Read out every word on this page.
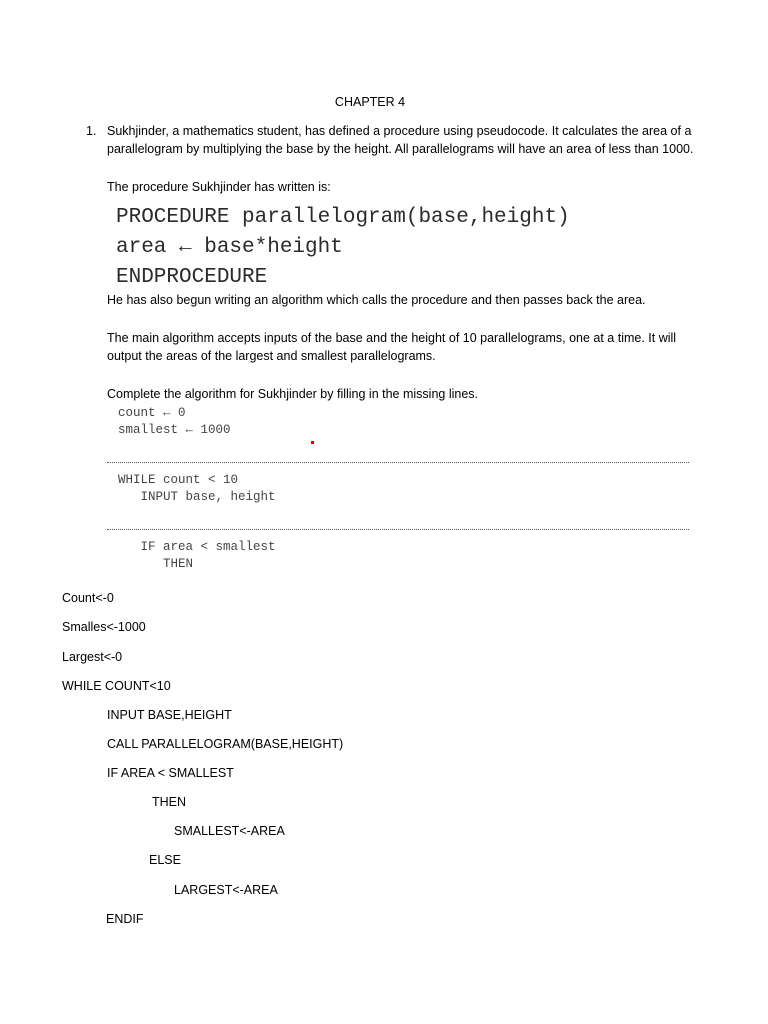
CHAPTER 4
1. Sukhjinder, a mathematics student, has defined a procedure using pseudocode. It calculates the area of a parallelogram by multiplying the base by the height. All parallelograms will have an area of less than 1000.
The procedure Sukhjinder has written is:
PROCEDURE parallelogram(base,height)
area ← base*height
ENDPROCEDURE
He has also begun writing an algorithm which calls the procedure and then passes back the area.
The main algorithm accepts inputs of the base and the height of 10 parallelograms, one at a time. It will output the areas of the largest and smallest parallelograms.
Complete the algorithm for Sukhjinder by filling in the missing lines.
count ← 0
smallest ← 1000
WHILE count < 10
INPUT base, height
IF area < smallest
THEN
Count<-0
Smalles<-1000
Largest<-0
WHILE COUNT<10
INPUT BASE,HEIGHT
CALL PARALLELOGRAM(BASE,HEIGHT)
IF AREA < SMALLEST
THEN
SMALLEST<-AREA
ELSE
LARGEST<-AREA
ENDIF
